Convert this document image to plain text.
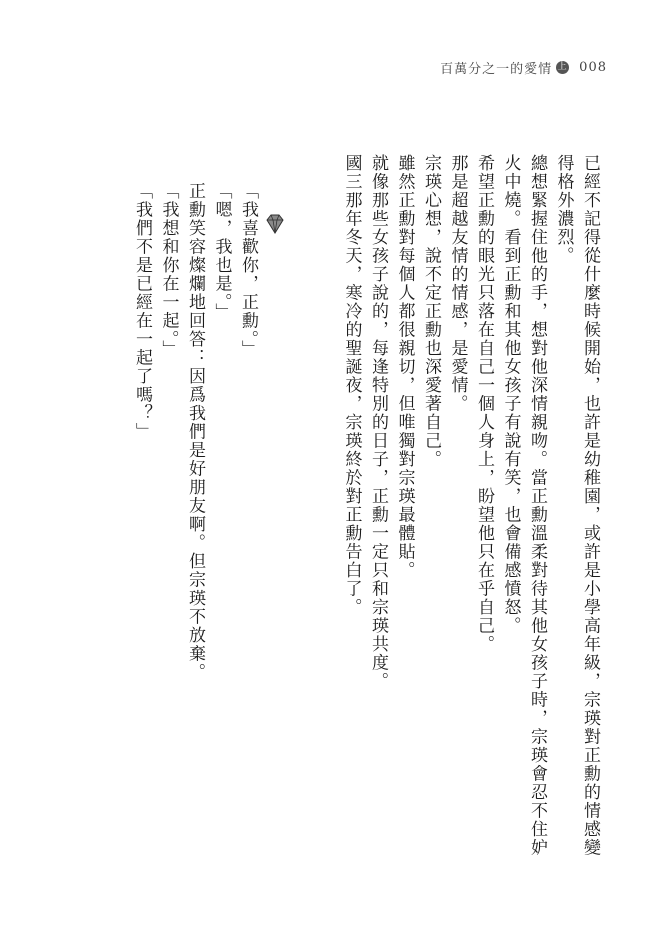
百萬分之一的愛情 上 008

已經不記得從什麼時候開始，也許是幼稚園，或許是小學高年級，宗瑛對正勳的情感變得格外濃烈。

總想緊握住他的手，想對他深情親吻。當正勳溫柔對待其他女孩子時，宗瑛會忍不住妒火中燒。看到正勳和其他女孩子有說有笑，也會備感憤怒。

希望正勳的眼光只落在自己一個人身上，盼望他只在乎自己。

那是超越友情的情感，是愛情。

宗瑛心想，說不定正勳也深愛著自己。

雖然正勳對每個人都很親切，但唯獨對宗瑛最體貼。

就像那些女孩子說的，每逢特別的日子，正勳一定只和宗瑛共度。

國三那年冬天，寒冷的聖誕夜，宗瑛終於對正勳告白了。

「我喜歡你，正勳。」

「嗯，我也是。」

正勳笑容燦爛地回答：因爲我們是好朋友啊。但宗瑛不放棄。

「我想和你在一起。」

「我們不是已經在一起了嗎？」
